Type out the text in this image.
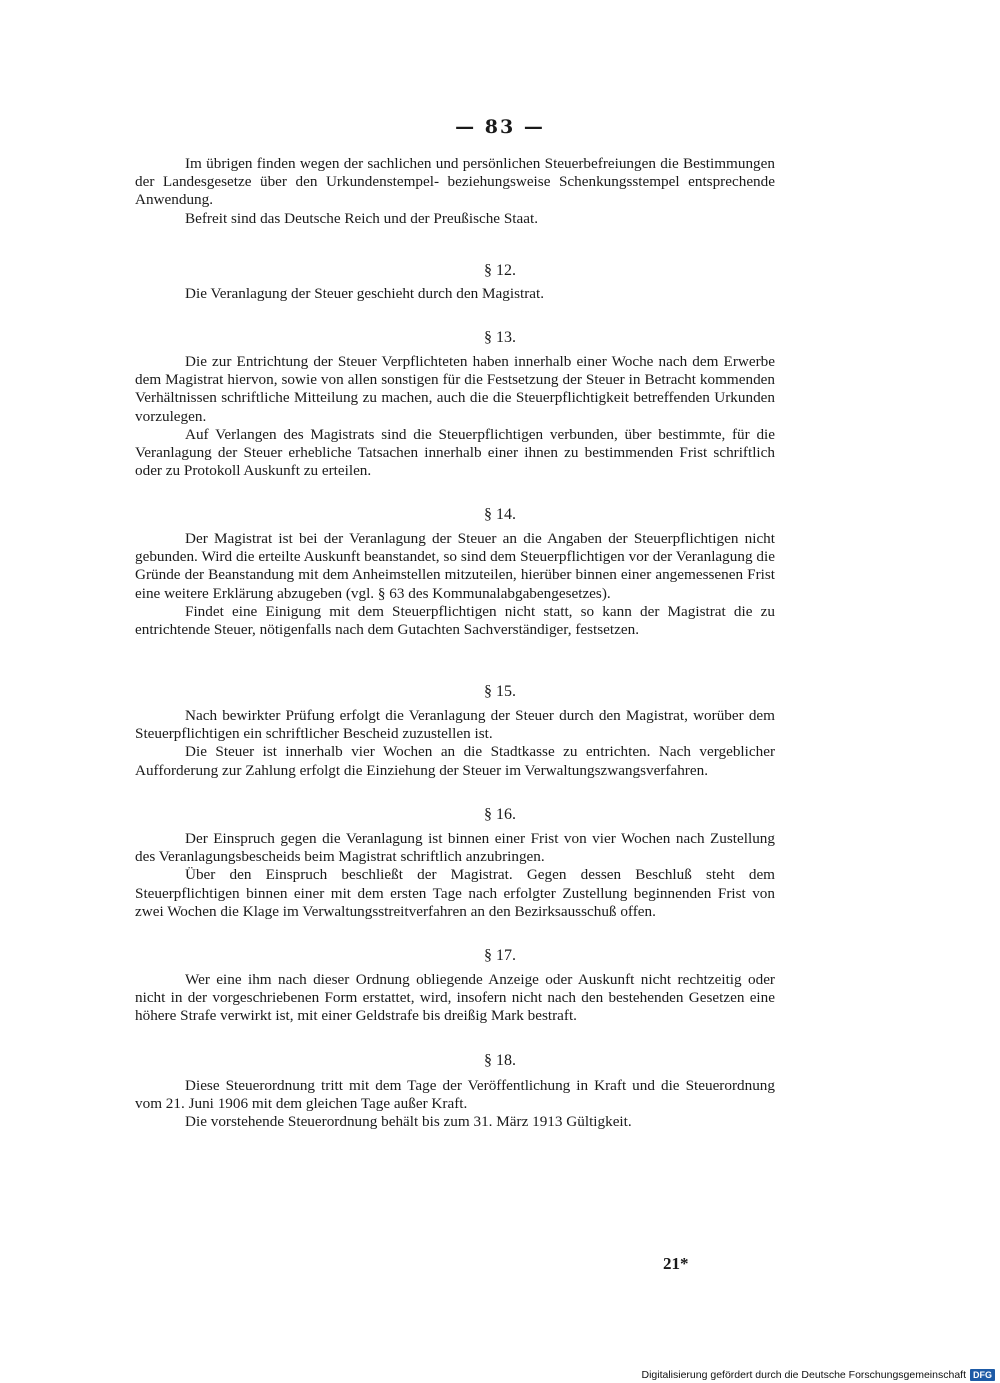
— 83 —

Im übrigen finden wegen der sachlichen und persönlichen Steuerbefreiungen die Bestimmungen der Landesgesetze über den Urkundenstempel- beziehungsweise Schenkungsstempel entsprechende Anwendung.

Befreit sind das Deutsche Reich und der Preußische Staat.

§ 12.

Die Veranlagung der Steuer geschieht durch den Magistrat.

§ 13.

Die zur Entrichtung der Steuer Verpflichteten haben innerhalb einer Woche nach dem Erwerbe dem Magistrat hiervon, sowie von allen sonstigen für die Festsetzung der Steuer in Betracht kommenden Verhältnissen schriftliche Mitteilung zu machen, auch die die Steuerpflichtigkeit betreffenden Urkunden vorzulegen.

Auf Verlangen des Magistrats sind die Steuerpflichtigen verbunden, über bestimmte, für die Veranlagung der Steuer erhebliche Tatsachen innerhalb einer ihnen zu bestimmenden Frist schriftlich oder zu Protokoll Auskunft zu erteilen.

§ 14.

Der Magistrat ist bei der Veranlagung der Steuer an die Angaben der Steuerpflichtigen nicht gebunden. Wird die erteilte Auskunft beanstandet, so sind dem Steuerpflichtigen vor der Veranlagung die Gründe der Beanstandung mit dem Anheimstellen mitzuteilen, hierüber binnen einer angemessenen Frist eine weitere Erklärung abzugeben (vgl. § 63 des Kommunalabgabengesetzes).

Findet eine Einigung mit dem Steuerpflichtigen nicht statt, so kann der Magistrat die zu entrichtende Steuer, nötigenfalls nach dem Gutachten Sachverständiger, festsetzen.

§ 15.

Nach bewirkter Prüfung erfolgt die Veranlagung der Steuer durch den Magistrat, worüber dem Steuerpflichtigen ein schriftlicher Bescheid zuzustellen ist.

Die Steuer ist innerhalb vier Wochen an die Stadtkasse zu entrichten. Nach vergeblicher Aufforderung zur Zahlung erfolgt die Einziehung der Steuer im Verwaltungszwangsverfahren.

§ 16.

Der Einspruch gegen die Veranlagung ist binnen einer Frist von vier Wochen nach Zustellung des Veranlagungsbescheids beim Magistrat schriftlich anzubringen.

Über den Einspruch beschließt der Magistrat. Gegen dessen Beschluß steht dem Steuerpflichtigen binnen einer mit dem ersten Tage nach erfolgter Zustellung beginnenden Frist von zwei Wochen die Klage im Verwaltungsstreitverfahren an den Bezirksausschuß offen.

§ 17.

Wer eine ihm nach dieser Ordnung obliegende Anzeige oder Auskunft nicht rechtzeitig oder nicht in der vorgeschriebenen Form erstattet, wird, insofern nicht nach den bestehenden Gesetzen eine höhere Strafe verwirkt ist, mit einer Geldstrafe bis dreißig Mark bestraft.

§ 18.

Diese Steuerordnung tritt mit dem Tage der Veröffentlichung in Kraft und die Steuerordnung vom 21. Juni 1906 mit dem gleichen Tage außer Kraft.

Die vorstehende Steuerordnung behält bis zum 31. März 1913 Gültigkeit.

21*
Digitalisierung gefördert durch die Deutsche Forschungsgemeinschaft DFG
